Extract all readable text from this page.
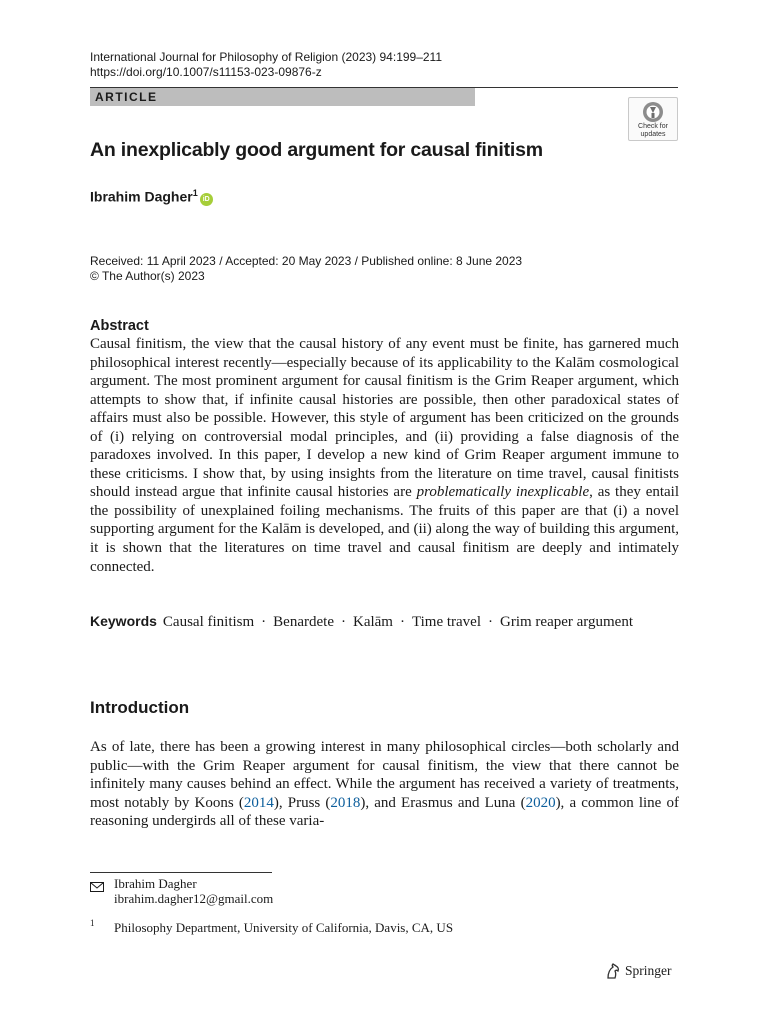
International Journal for Philosophy of Religion (2023) 94:199–211
https://doi.org/10.1007/s11153-023-09876-z
ARTICLE
Check for updates
An inexplicably good argument for causal finitism
Ibrahim Dagher$^1$iD
Received: 11 April 2023 / Accepted: 20 May 2023 / Published online: 8 June 2023
© The Author(s) 2023
Abstract
Causal finitism, the view that the causal history of any event must be finite, has garnered much philosophical interest recently—especially because of its applicability to the Kalām cosmological argument. The most prominent argument for causal finitism is the Grim Reaper argument, which attempts to show that, if infinite causal histories are possible, then other paradoxical states of affairs must also be possible. However, this style of argument has been criticized on the grounds of (i) relying on controversial modal principles, and (ii) providing a false diagnosis of the paradoxes involved. In this paper, I develop a new kind of Grim Reaper argument immune to these criticisms. I show that, by using insights from the literature on time travel, causal finitists should instead argue that infinite causal histories are problematically inexplicable, as they entail the possibility of unexplained foiling mechanisms. The fruits of this paper are that (i) a novel supporting argument for the Kalām is developed, and (ii) along the way of building this argument, it is shown that the literatures on time travel and causal finitism are deeply and intimately connected.
Keywords Causal finitism · Benardete · Kalām · Time travel · Grim reaper argument
Introduction
As of late, there has been a growing interest in many philosophical circles—both scholarly and public—with the Grim Reaper argument for causal finitism, the view that there cannot be infinitely many causes behind an effect. While the argument has received a variety of treatments, most notably by Koons (2014), Pruss (2018), and Erasmus and Luna (2020), a common line of reasoning undergirds all of these varia-
Ibrahim Dagher
ibrahim.dagher12@gmail.com
1 Philosophy Department, University of California, Davis, CA, US
Springer
